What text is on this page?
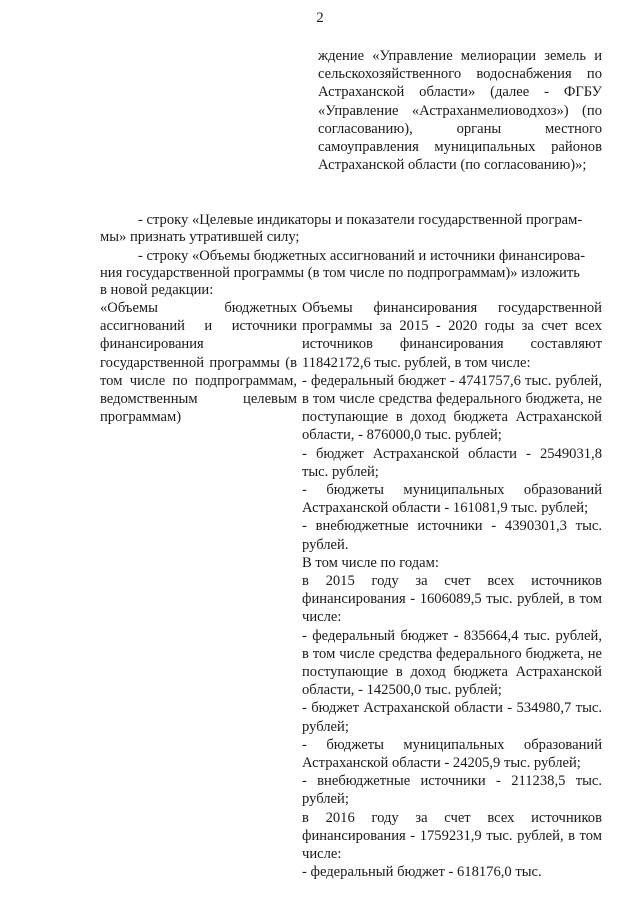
2
ждение «Управление мелиорации земель и сельскохозяйственного водоснабжения по Астраханской области» (далее - ФГБУ «Управление «Астраханмелиоводхоз») (по согласованию), органы местного самоуправления муниципальных районов Астраханской области (по согласованию)»;
- строку «Целевые индикаторы и показатели государственной програм-
мы» признать утратившей силу;
- строку «Объемы бюджетных ассигнований и источники финансирова-
ния государственной программы (в том числе по подпрограммам)» изложить
в новой редакции:
«Объемы бюджетных ассигнований и источники финансирования государственной программы (в том числе по подпрограммам, ведомственным целевым программам)

Объемы финансирования государственной программы за 2015 - 2020 годы за счет всех источников финансирования составляют 11842172,6 тыс. рублей, в том числе:

- федеральный бюджет - 4741757,6 тыс. рублей, в том числе средства федерального бюджета, не поступающие в доход бюджета Астраханской области, - 876000,0 тыс. рублей;

- бюджет Астраханской области - 2549031,8 тыс. рублей;

- бюджеты муниципальных образований Астраханской области - 161081,9 тыс. рублей;

- внебюджетные источники - 4390301,3 тыс. рублей.

В том числе по годам:

в 2015 году за счет всех источников финансирования - 1606089,5 тыс. рублей, в том числе:

- федеральный бюджет - 835664,4 тыс. рублей, в том числе средства федерального бюджета, не поступающие в доход бюджета Астраханской области, - 142500,0 тыс. рублей;

- бюджет Астраханской области - 534980,7 тыс. рублей;

- бюджеты муниципальных образований Астраханской области - 24205,9 тыс. рублей;

- внебюджетные источники - 211238,5 тыс. рублей;

в 2016 году за счет всех источников финансирования - 1759231,9 тыс. рублей, в том числе:

- федеральный бюджет - 618176,0 тыс.
